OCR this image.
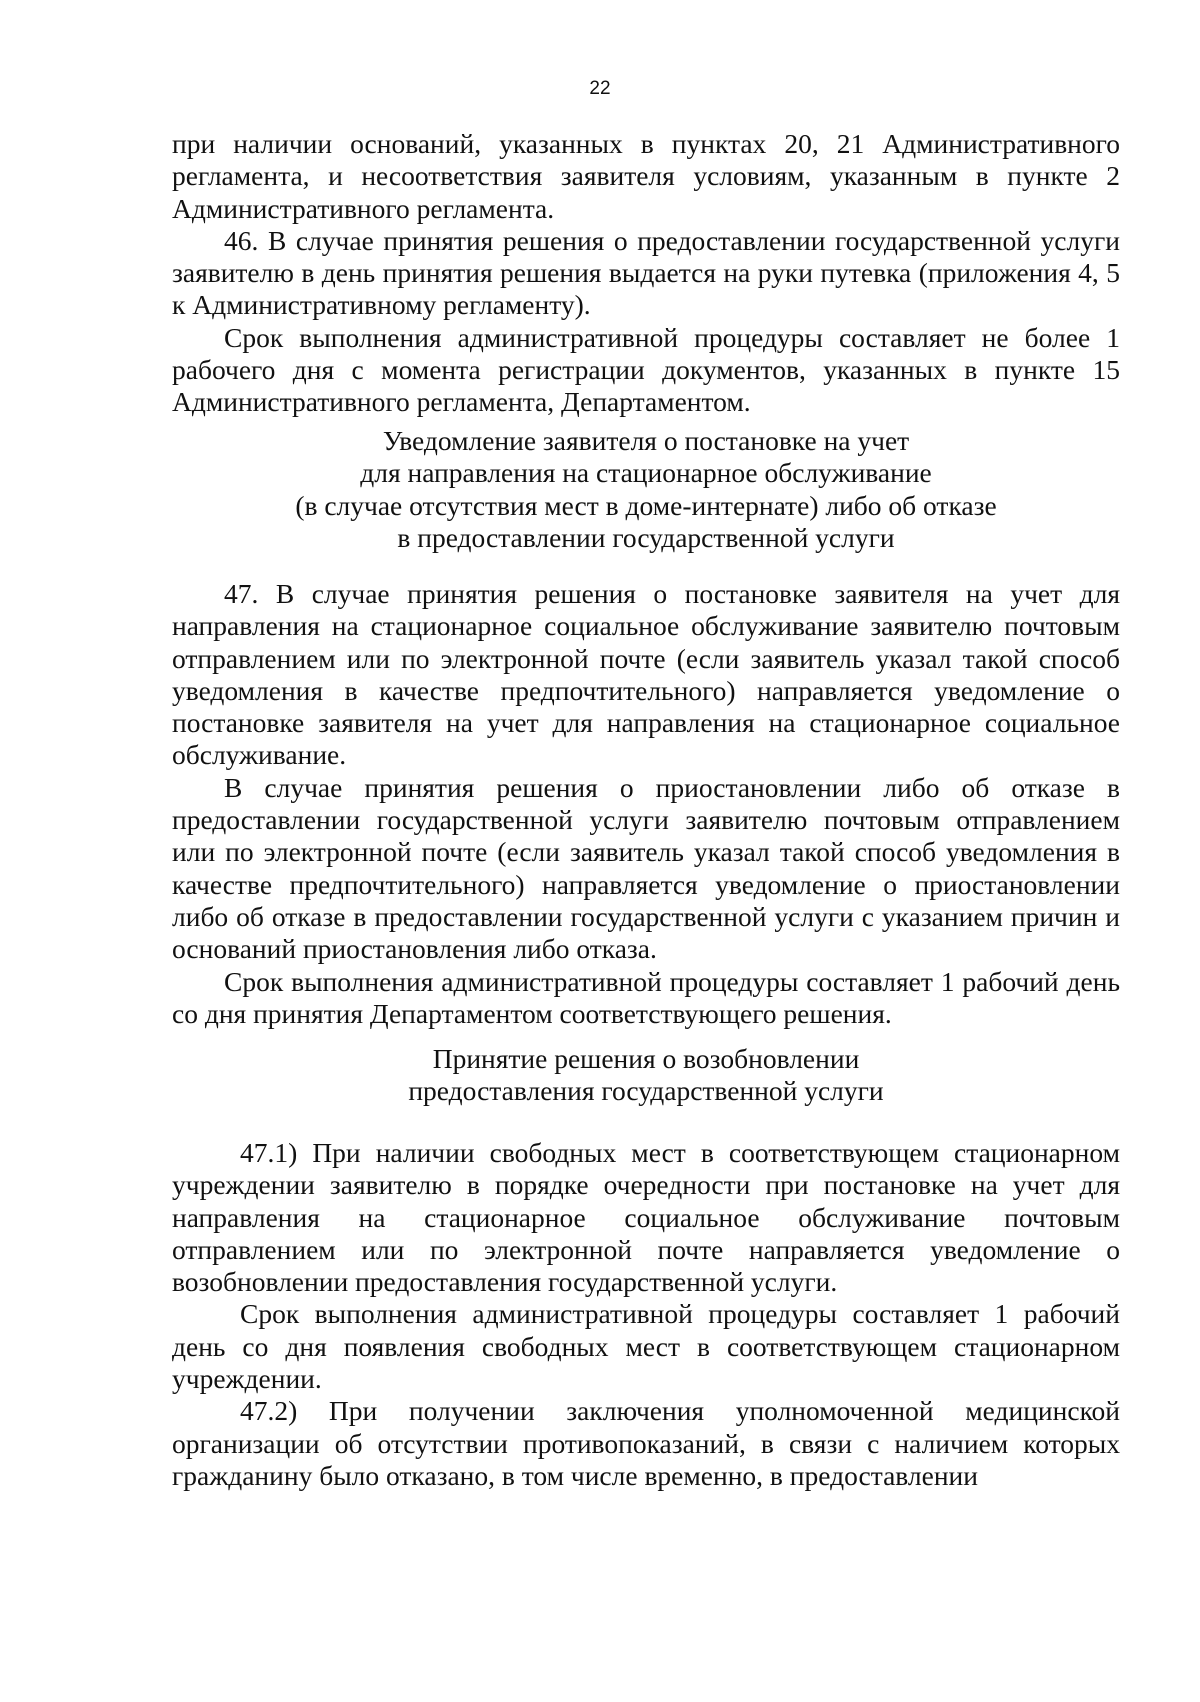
22

при наличии оснований, указанных в пунктах 20, 21 Административного регламента, и несоответствия заявителя условиям, указанным в пункте 2 Административного регламента.

46. В случае принятия решения о предоставлении государственной услуги заявителю в день принятия решения выдается на руки путевка (приложения 4, 5 к Административному регламенту).

Срок выполнения административной процедуры составляет не более 1 рабочего дня с момента регистрации документов, указанных в пункте 15 Административного регламента, Департаментом.

Уведомление заявителя о постановке на учет
для направления на стационарное обслуживание
(в случае отсутствия мест в доме-интернате) либо об отказе
в предоставлении государственной услуги

47. В случае принятия решения о постановке заявителя на учет для направления на стационарное социальное обслуживание заявителю почтовым отправлением или по электронной почте (если заявитель указал такой способ уведомления в качестве предпочтительного) направляется уведомление о постановке заявителя на учет для направления на стационарное социальное обслуживание.

В случае принятия решения о приостановлении либо об отказе в предоставлении государственной услуги заявителю почтовым отправлением или по электронной почте (если заявитель указал такой способ уведомления в качестве предпочтительного) направляется уведомление о приостановлении либо об отказе в предоставлении государственной услуги с указанием причин и оснований приостановления либо отказа.

Срок выполнения административной процедуры составляет 1 рабочий день со дня принятия Департаментом соответствующего решения.

Принятие решения о возобновлении
предоставления государственной услуги

47.1) При наличии свободных мест в соответствующем стационарном учреждении заявителю в порядке очередности при постановке на учет для направления на стационарное социальное обслуживание почтовым отправлением или по электронной почте направляется уведомление о возобновлении предоставления государственной услуги.

Срок выполнения административной процедуры составляет 1 рабочий день со дня появления свободных мест в соответствующем стационарном учреждении.

47.2) При получении заключения уполномоченной медицинской организации об отсутствии противопоказаний, в связи с наличием которых гражданину было отказано, в том числе временно, в предоставлении
